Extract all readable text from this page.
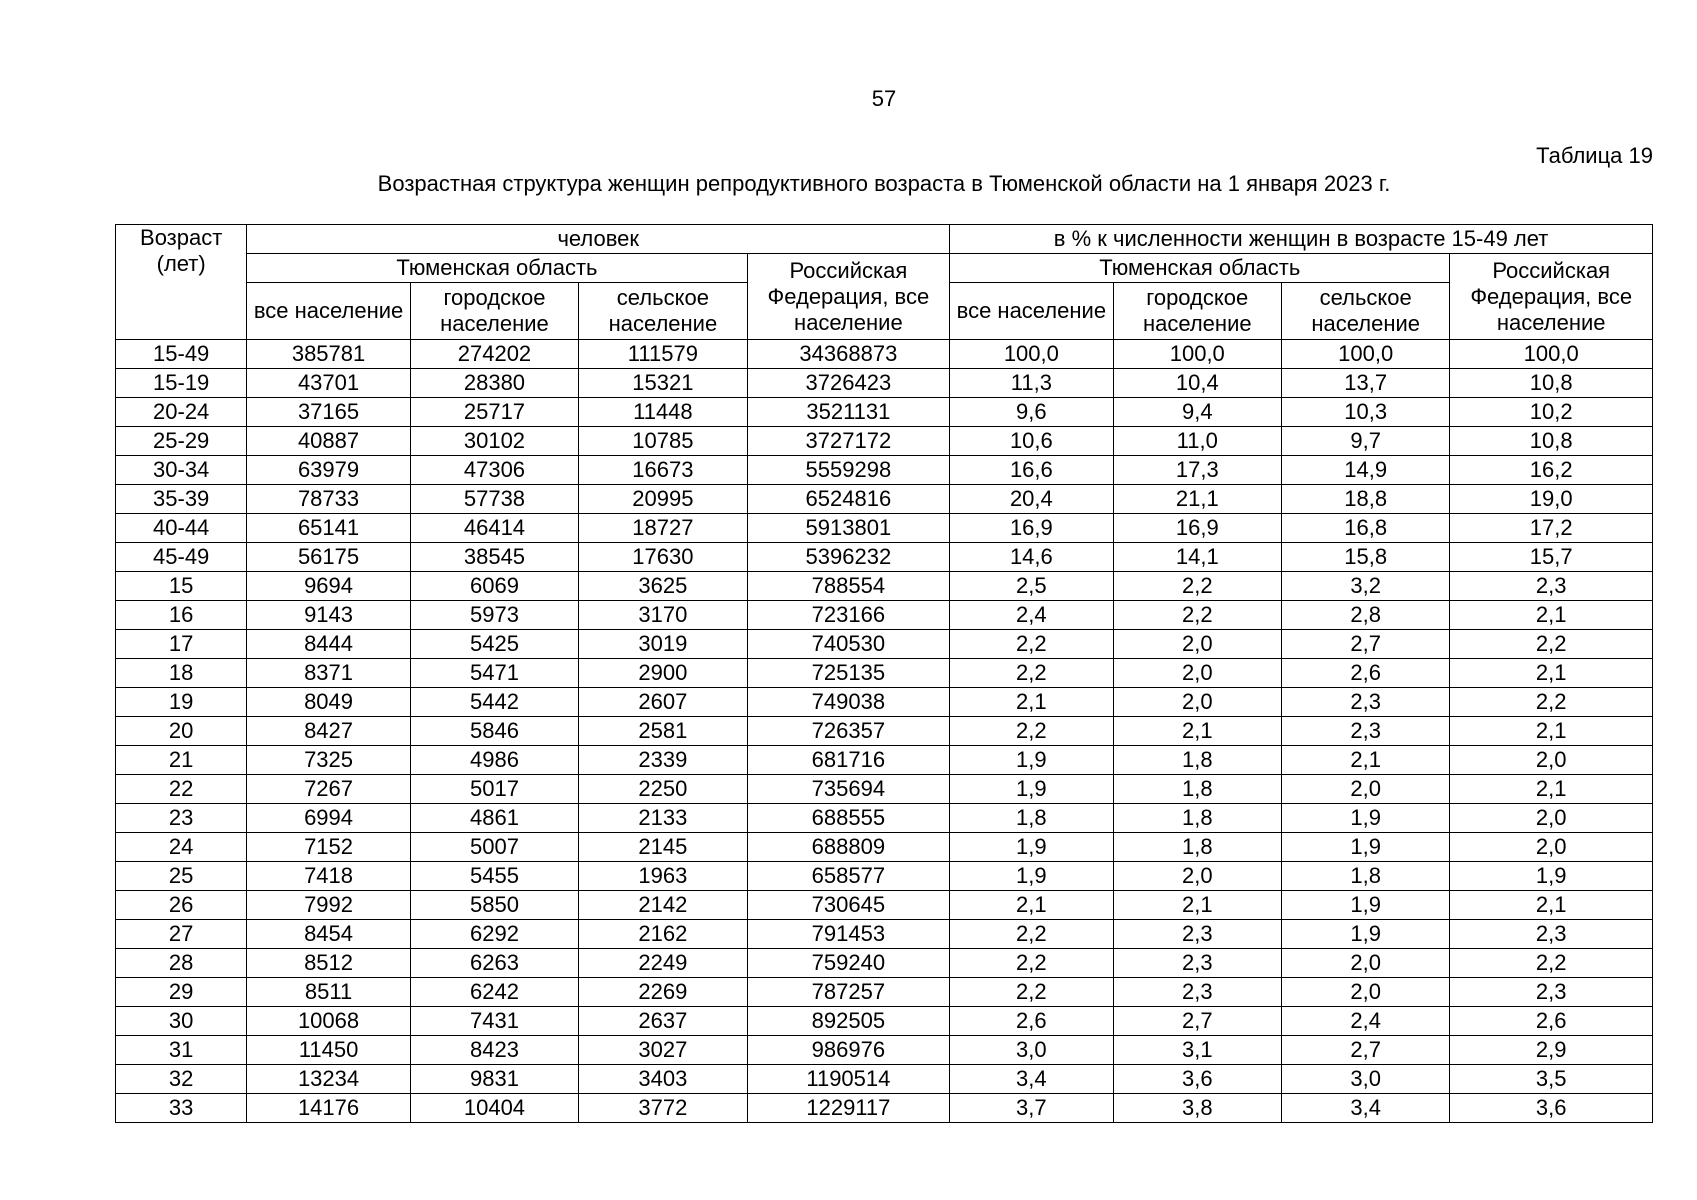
57
Таблица 19
Возрастная структура женщин репродуктивного возраста в Тюменской области на 1 января 2023 г.
Возраст (лет)	человек				в % к численности женщин в возрасте 15-49 лет			
	Тюменская область			Российская Федерация, все население	Тюменская область			Российская Федерация, все население
	все население	городское население	сельское население		все население	городское население	сельское население	
15-49	385781	274202	111579	34368873	100,0	100,0	100,0	100,0
15-19	43701	28380	15321	3726423	11,3	10,4	13,7	10,8
20-24	37165	25717	11448	3521131	9,6	9,4	10,3	10,2
25-29	40887	30102	10785	3727172	10,6	11,0	9,7	10,8
30-34	63979	47306	16673	5559298	16,6	17,3	14,9	16,2
35-39	78733	57738	20995	6524816	20,4	21,1	18,8	19,0
40-44	65141	46414	18727	5913801	16,9	16,9	16,8	17,2
45-49	56175	38545	17630	5396232	14,6	14,1	15,8	15,7
15	9694	6069	3625	788554	2,5	2,2	3,2	2,3
16	9143	5973	3170	723166	2,4	2,2	2,8	2,1
17	8444	5425	3019	740530	2,2	2,0	2,7	2,2
18	8371	5471	2900	725135	2,2	2,0	2,6	2,1
19	8049	5442	2607	749038	2,1	2,0	2,3	2,2
20	8427	5846	2581	726357	2,2	2,1	2,3	2,1
21	7325	4986	2339	681716	1,9	1,8	2,1	2,0
22	7267	5017	2250	735694	1,9	1,8	2,0	2,1
23	6994	4861	2133	688555	1,8	1,8	1,9	2,0
24	7152	5007	2145	688809	1,9	1,8	1,9	2,0
25	7418	5455	1963	658577	1,9	2,0	1,8	1,9
26	7992	5850	2142	730645	2,1	2,1	1,9	2,1
27	8454	6292	2162	791453	2,2	2,3	1,9	2,3
28	8512	6263	2249	759240	2,2	2,3	2,0	2,2
29	8511	6242	2269	787257	2,2	2,3	2,0	2,3
30	10068	7431	2637	892505	2,6	2,7	2,4	2,6
31	11450	8423	3027	986976	3,0	3,1	2,7	2,9
32	13234	9831	3403	1190514	3,4	3,6	3,0	3,5
33	14176	10404	3772	1229117	3,7	3,8	3,4	3,6
